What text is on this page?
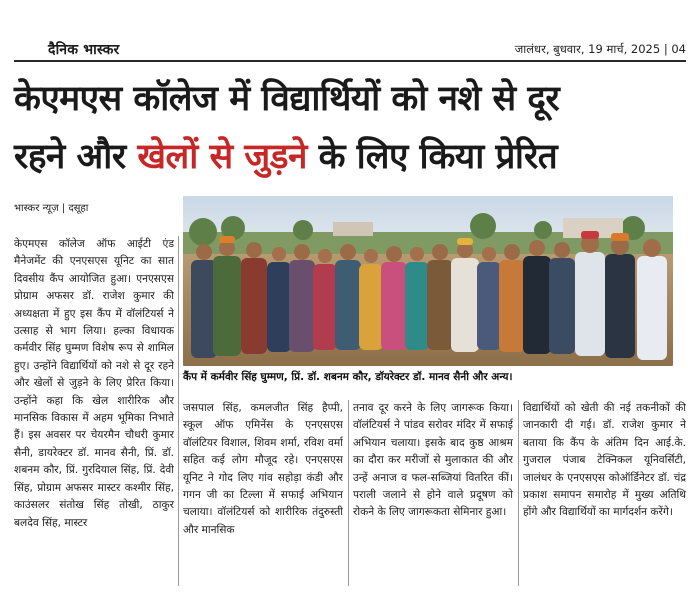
दैनिक भास्कर	जालंधर, बुधवार, 19 मार्च, 2025 | 04
केएमएस कॉलेज में विद्यार्थियों को नशे से दूर
रहने और खेलों से जुड़ने के लिए किया प्रेरित
भास्कर न्यूज़ | दसूहा
कैंप में कर्मवीर सिंह घुम्मण, प्रिं. डॉ. शबनम कौर, डॉयरेक्टर डॉ. मानव सैनी और अन्य।

केएमएस कॉलेज ऑफ आईटी एंड मैनेजमेंट की एनएसएस यूनिट का सात दिवसीय कैंप आयोजित हुआ। एनएसएस प्रोग्राम अफसर डॉ. राजेश कुमार की अध्यक्षता में हुए इस कैंप में वॉलंटियर्स ने उत्साह से भाग लिया। हल्का विधायक कर्मवीर सिंह घुम्मण विशेष रूप से शामिल हुए। उन्होंने विद्यार्थियों को नशे से दूर रहने और खेलों से जुड़ने के लिए प्रेरित किया। उन्होंने कहा कि खेल शारीरिक और मानसिक विकास में अहम भूमिका निभाते हैं। इस अवसर पर चेयरमैन चौधरी कुमार सैनी, डायरेक्टर डॉ. मानव सैनी, प्रिं. डॉ. शबनम कौर, प्रिं. गुरदियाल सिंह, प्रिं. देवी सिंह, प्रोग्राम अफसर मास्टर कश्मीर सिंह, काउंसलर संतोख सिंह तोखी, ठाकुर बलदेव सिंह, मास्टर

जसपाल सिंह, कमलजीत सिंह हैप्पी, स्कूल ऑफ एमिनेंस के एनएसएस वॉलंटियर विशाल, शिवम शर्मा, रविश वर्मा सहित कई लोग मौजूद रहे। एनएसएस यूनिट ने गोद लिए गांव सहोड़ा कंडी और गगन जी का टिल्ला में सफाई अभियान चलाया। वॉलंटियर्स को शारीरिक तंदुरुस्ती और मानसिक

तनाव दूर करने के लिए जागरूक किया। वॉलंटियर्स ने पांडव सरोवर मंदिर में सफाई अभियान चलाया। इसके बाद कुष्ठ आश्रम का दौरा कर मरीजों से मुलाकात की और उन्हें अनाज व फल-सब्जियां वितरित कीं। पराली जलाने से होने वाले प्रदूषण को रोकने के लिए जागरूकता सेमिनार हुआ।

विद्यार्थियों को खेती की नई तकनीकों की जानकारी दी गई। डॉ. राजेश कुमार ने बताया कि कैंप के अंतिम दिन आई.के. गुजराल पंजाब टेक्निकल यूनिवर्सिटी, जालंधर के एनएसएस कोऑर्डिनेटर डॉ. चंद्र प्रकाश समापन समारोह में मुख्य अतिथि होंगे और विद्यार्थियों का मार्गदर्शन करेंगे।
